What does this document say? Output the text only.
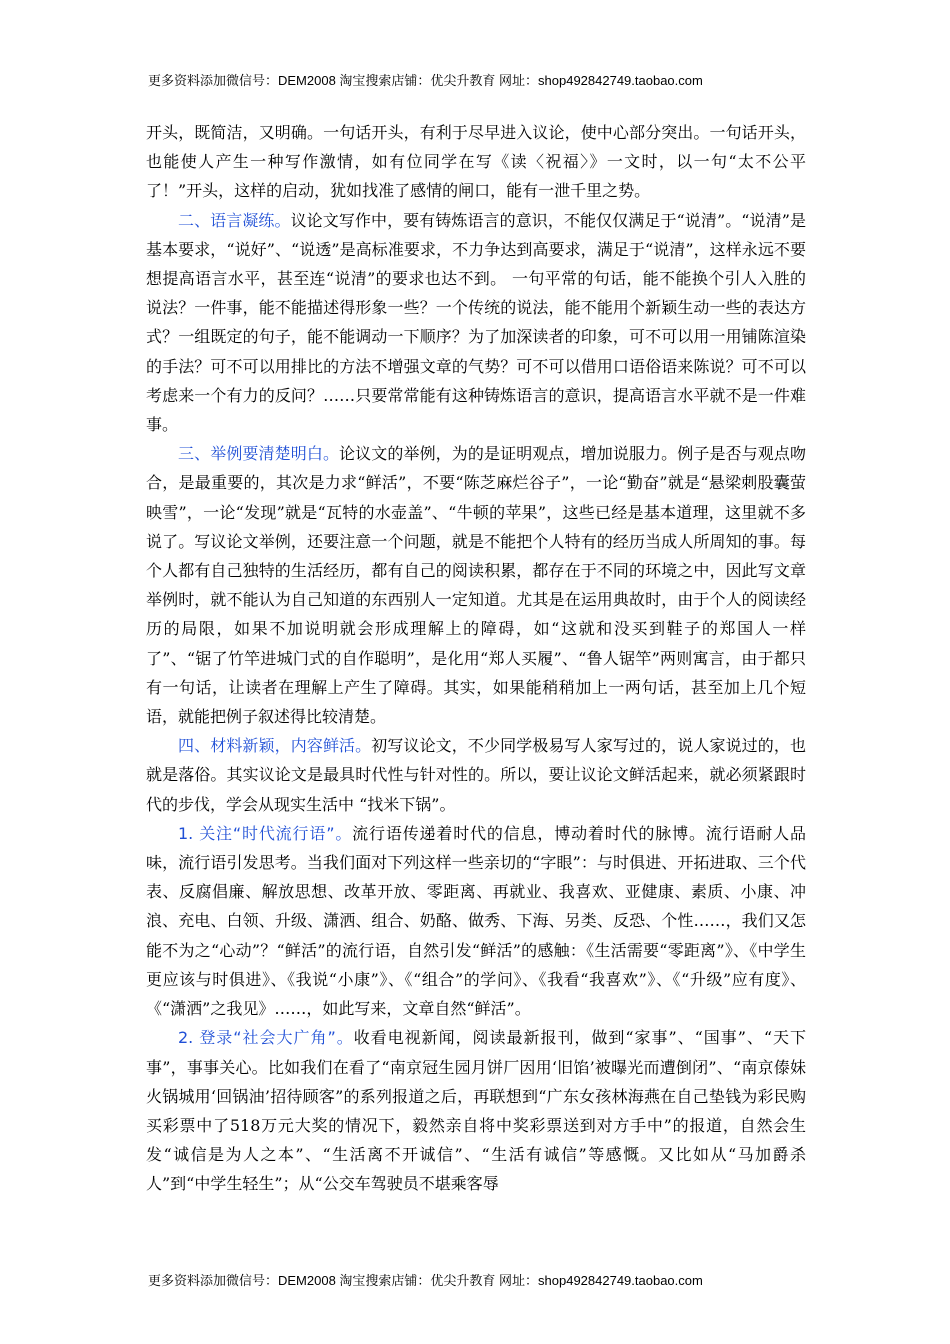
更多资料添加微信号：DEM2008 淘宝搜索店铺：优尖升教育 网址：shop492842749.taobao.com

开头，既简洁，又明确。一句话开头，有利于尽早进入议论，使中心部分突出。一句话开头，也能使人产生一种写作激情，如有位同学在写《读〈祝福〉》一文时，以一句“太不公平了！”开头，这样的启动，犹如找准了感情的闸口，能有一泄千里之势。

二、语言凝练。议论文写作中，要有铸炼语言的意识，不能仅仅满足于“说清”。“说清”是基本要求，“说好”、“说透”是高标准要求，不力争达到高要求，满足于“说清”，这样永远不要想提高语言水平，甚至连“说清”的要求也达不到。 一句平常的句话，能不能换个引人入胜的说法？一件事，能不能描述得形象一些？一个传统的说法，能不能用个新颖生动一些的表达方式？一组既定的句子，能不能调动一下顺序？为了加深读者的印象，可不可以用一用铺陈渲染的手法？可不可以用排比的方法不增强文章的气势？可不可以借用口语俗语来陈说？可不可以考虑来一个有力的反问？……只要常常能有这种铸炼语言的意识，提高语言水平就不是一件难事。

三、举例要清楚明白。论议文的举例，为的是证明观点，增加说服力。例子是否与观点吻合，是最重要的，其次是力求“鲜活”，不要“陈芝麻烂谷子”，一论“勤奋”就是“悬梁刺股囊萤映雪”，一论“发现”就是“瓦特的水壶盖”、“牛顿的苹果”，这些已经是基本道理，这里就不多说了。写议论文举例，还要注意一个问题，就是不能把个人特有的经历当成人所周知的事。每个人都有自己独特的生活经历，都有自己的阅读积累，都存在于不同的环境之中，因此写文章举例时，就不能认为自己知道的东西别人一定知道。尤其是在运用典故时，由于个人的阅读经历的局限，如果不加说明就会形成理解上的障碍，如“这就和没买到鞋子的郑国人一样了”、“锯了竹竿进城门式的自作聪明”，是化用“郑人买履”、“鲁人锯竿”两则寓言，由于都只有一句话，让读者在理解上产生了障碍。其实，如果能稍稍加上一两句话，甚至加上几个短语，就能把例子叙述得比较清楚。

四、材料新颖，内容鲜活。初写议论文，不少同学极易写人家写过的，说人家说过的，也就是落俗。其实议论文是最具时代性与针对性的。所以，要让议论文鲜活起来，就必须紧跟时代的步伐，学会从现实生活中 “找米下锅”。

1. 关注“时代流行语”。流行语传递着时代的信息，博动着时代的脉博。流行语耐人品味，流行语引发思考。当我们面对下列这样一些亲切的“字眼”：与时俱进、开拓进取、三个代表、反腐倡廉、解放思想、改革开放、零距离、再就业、我喜欢、亚健康、素质、小康、冲浪、充电、白领、升级、潇洒、组合、奶酪、做秀、下海、另类、反恐、个性……，我们又怎能不为之“心动”？“鲜活”的流行语，自然引发“鲜活”的感触：《生活需要“零距离”》、《中学生更应该与时俱进》、《我说“小康”》、《“组合”的学问》、《我看“我喜欢”》、《“升级”应有度》、《“潇洒”之我见》……，如此写来，文章自然“鲜活”。

2. 登录“社会大广角”。收看电视新闻，阅读最新报刊，做到“家事”、“国事”、“天下事”，事事关心。比如我们在看了“南京冠生园月饼厂因用‘旧馅’被曝光而遭倒闭”、“南京傣妹火锅城用‘回锅油’招待顾客”的系列报道之后，再联想到“广东女孩林海燕在自己垫钱为彩民购买彩票中了518万元大奖的情况下，毅然亲自将中奖彩票送到对方手中”的报道，自然会生发“诚信是为人之本”、“生活离不开诚信”、“生活有诚信”等感慨。又比如从“马加爵杀人”到“中学生轻生”；从“公交车驾驶员不堪乘客辱

更多资料添加微信号：DEM2008 淘宝搜索店铺：优尖升教育 网址：shop492842749.taobao.com
